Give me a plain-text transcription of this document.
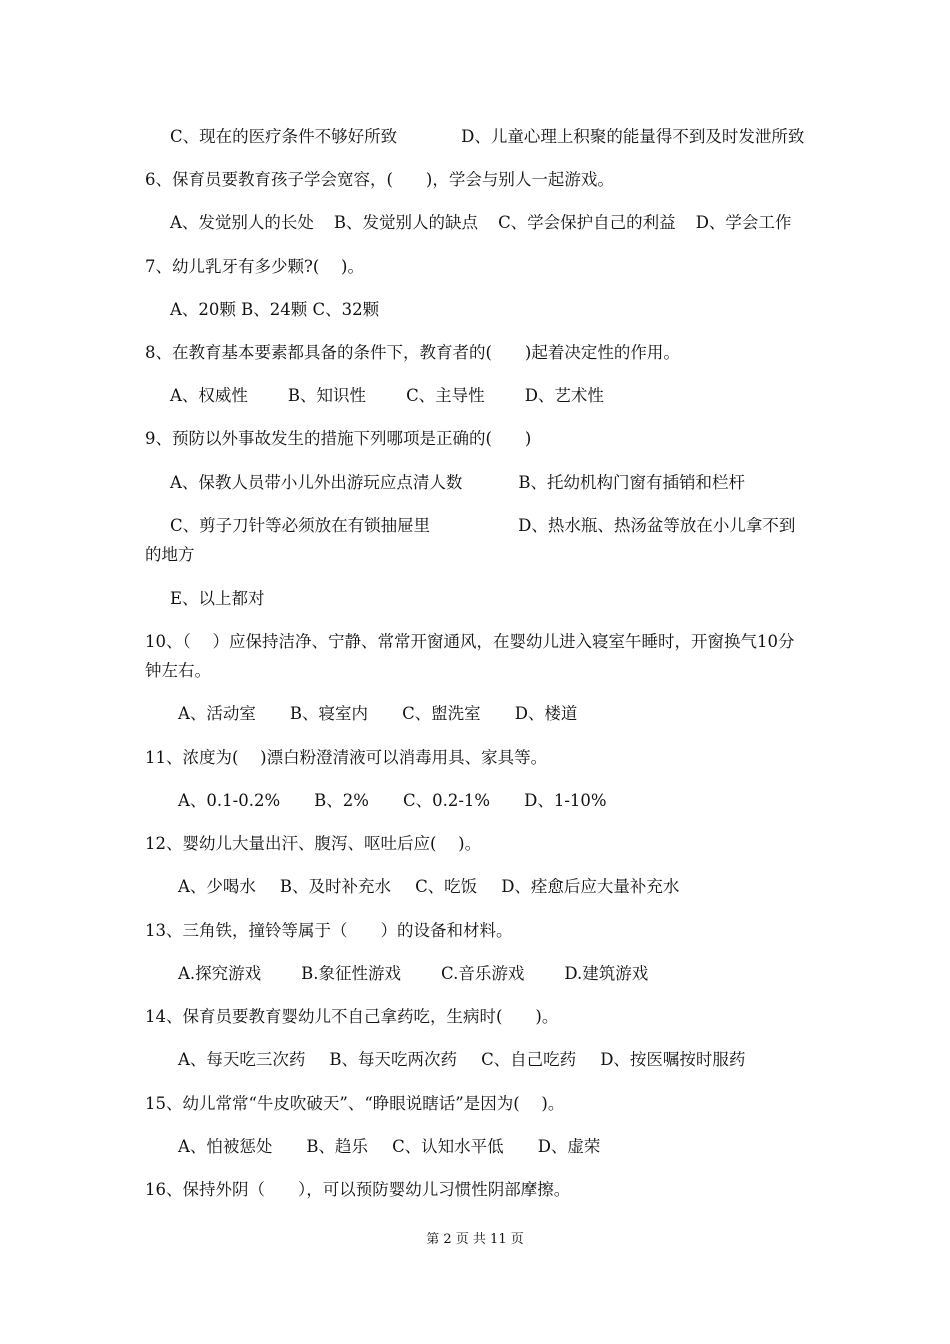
C、现在的医疗条件不够好所致	D、儿童心理上积聚的能量得不到及时发泄所致
6、保育员要教育孩子学会宽容，(　　)，学会与别人一起游戏。
A、发觉别人的长处 B、发觉别人的缺点 C、学会保护自己的利益 D、学会工作
7、幼儿乳牙有多少颗?(　 )。
A、20颗 B、24颗 C、32颗
8、在教育基本要素都具备的条件下，教育者的(　　)起着决定性的作用。
A、权威性 B、知识性 C、主导性 D、艺术性
9、预防以外事故发生的措施下列哪项是正确的(　　)
A、保教人员带小儿外出游玩应点清人数	B、托幼机构门窗有插销和栏杆
C、剪子刀针等必须放在有锁抽屉里	D、热水瓶、热汤盆等放在小儿拿不到
的地方
E、以上都对
10、（　 ）应保持洁净、宁静、常常开窗通风，在婴幼儿进入寝室午睡时，开窗换气10分
钟左右。
A、活动室 B、寝室内 C、盥洗室 D、楼道
11、浓度为(　 )漂白粉澄清液可以消毒用具、家具等。
A、0.1-0.2% B、2% C、0.2-1% D、1-10%
12、婴幼儿大量出汗、腹泻、呕吐后应(　 )。
A、少喝水 B、及时补充水 C、吃饭 D、痊愈后应大量补充水
13、三角铁，撞铃等属于（　　）的设备和材料。
A.探究游戏 B.象征性游戏 C.音乐游戏 D.建筑游戏
14、保育员要教育婴幼儿不自己拿药吃，生病时(　　)。
A、每天吃三次药 B、每天吃两次药 C、自己吃药 D、按医嘱按时服药
15、幼儿常常“牛皮吹破天”、“睁眼说瞎话”是因为(　 )。
A、怕被惩处 B、趋乐 C、认知水平低 D、虚荣
16、保持外阴（　　），可以预防婴幼儿习惯性阴部摩擦。
第 2 页 共 11 页
